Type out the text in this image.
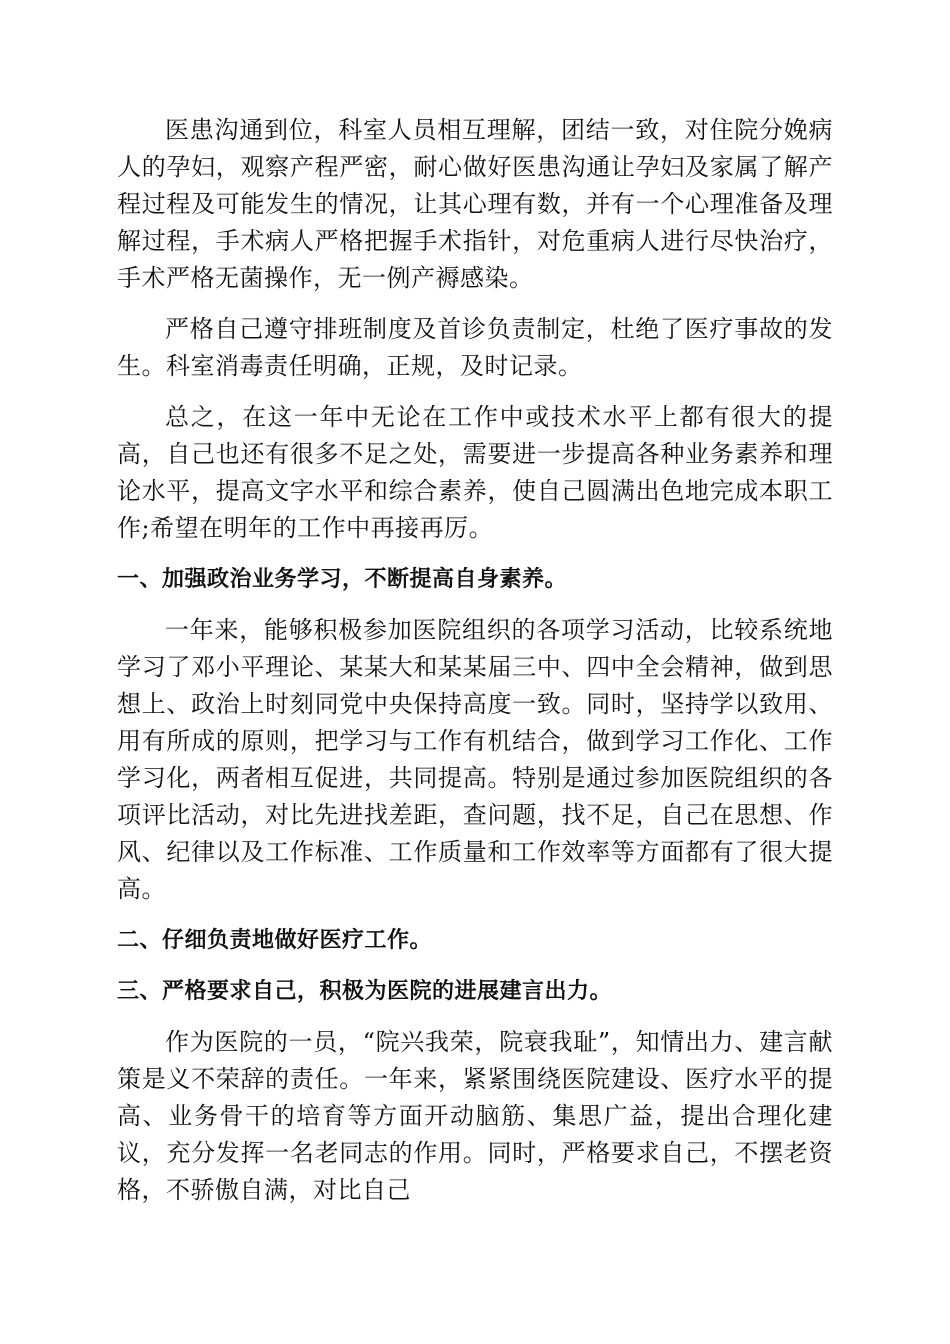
医患沟通到位，科室人员相互理解，团结一致，对住院分娩病人的孕妇，观察产程严密，耐心做好医患沟通让孕妇及家属了解产程过程及可能发生的情况，让其心理有数，并有一个心理准备及理解过程，手术病人严格把握手术指针，对危重病人进行尽快治疗，手术严格无菌操作，无一例产褥感染。

严格自己遵守排班制度及首诊负责制定，杜绝了医疗事故的发生。科室消毒责任明确，正规，及时记录。

总之，在这一年中无论在工作中或技术水平上都有很大的提高，自己也还有很多不足之处，需要进一步提高各种业务素养和理论水平，提高文字水平和综合素养，使自己圆满出色地完成本职工作;希望在明年的工作中再接再厉。

一、加强政治业务学习，不断提高自身素养。

一年来，能够积极参加医院组织的各项学习活动，比较系统地学习了邓小平理论、某某大和某某届三中、四中全会精神，做到思想上、政治上时刻同党中央保持高度一致。同时，坚持学以致用、用有所成的原则，把学习与工作有机结合，做到学习工作化、工作学习化，两者相互促进，共同提高。特别是通过参加医院组织的各项评比活动，对比先进找差距，查问题，找不足，自己在思想、作风、纪律以及工作标准、工作质量和工作效率等方面都有了很大提高。

二、仔细负责地做好医疗工作。
三、严格要求自己，积极为医院的进展建言出力。

作为医院的一员，“院兴我荣，院衰我耻”，知情出力、建言献策是义不荣辞的责任。一年来，紧紧围绕医院建设、医疗水平的提高、业务骨干的培育等方面开动脑筋、集思广益，提出合理化建议，充分发挥一名老同志的作用。同时，严格要求自己，不摆老资格，不骄傲自满，对比自己
